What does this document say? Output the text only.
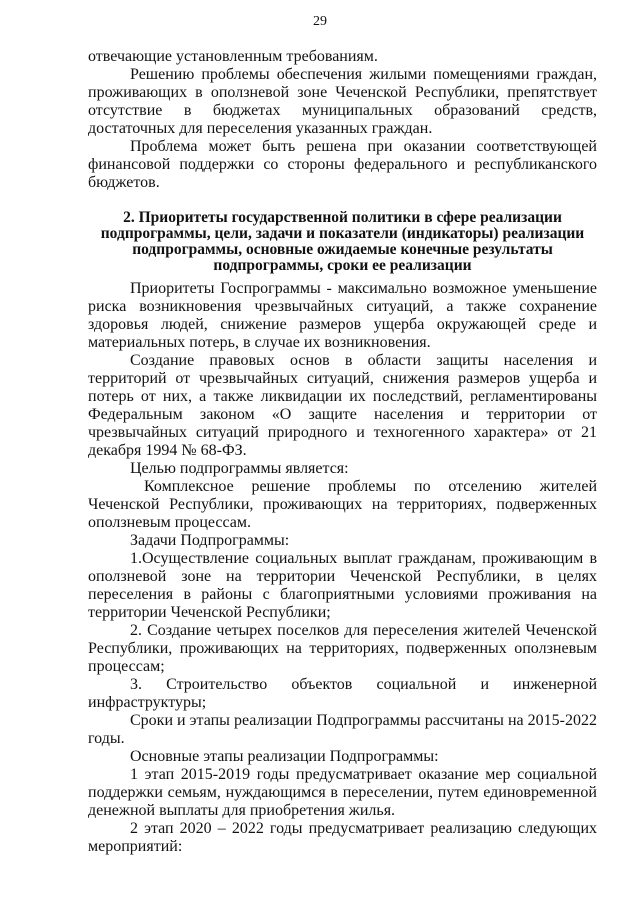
29

отвечающие установленным требованиям.

Решению проблемы обеспечения жилыми помещениями граждан, проживающих в оползневой зоне Чеченской Республики, препятствует отсутствие в бюджетах муниципальных образований средств, достаточных для переселения указанных граждан.

Проблема может быть решена при оказании соответствующей финансовой поддержки со стороны федерального и республиканского бюджетов.

2. Приоритеты государственной политики в сфере реализации подпрограммы, цели, задачи и показатели (индикаторы) реализации подпрограммы, основные ожидаемые конечные результаты подпрограммы, сроки ее реализации

Приоритеты Госпрограммы - максимально возможное уменьшение риска возникновения чрезвычайных ситуаций, а также сохранение здоровья людей, снижение размеров ущерба окружающей среде и материальных потерь, в случае их возникновения.

Создание правовых основ в области защиты населения и территорий от чрезвычайных ситуаций, снижения размеров ущерба и потерь от них, а также ликвидации их последствий, регламентированы Федеральным законом «О защите населения и территории от чрезвычайных ситуаций природного и техногенного характера» от 21 декабря 1994 № 68-ФЗ.

Целью подпрограммы является:

Комплексное решение проблемы по отселению жителей Чеченской Республики, проживающих на территориях, подверженных оползневым процессам.

Задачи Подпрограммы:

1.Осуществление социальных выплат гражданам, проживающим в оползневой зоне на территории Чеченской Республики, в целях переселения в районы с благоприятными условиями проживания на территории Чеченской Республики;

2. Создание четырех поселков для переселения жителей Чеченской Республики, проживающих на территориях, подверженных оползневым процессам;

3. Строительство объектов социальной и инженерной инфраструктуры;

Сроки и этапы реализации Подпрограммы рассчитаны на 2015-2022 годы.

Основные этапы реализации Подпрограммы:

1 этап 2015-2019 годы предусматривает оказание мер социальной поддержки семьям, нуждающимся в переселении, путем единовременной денежной выплаты для приобретения жилья.

2 этап 2020 – 2022 годы предусматривает реализацию следующих мероприятий:
